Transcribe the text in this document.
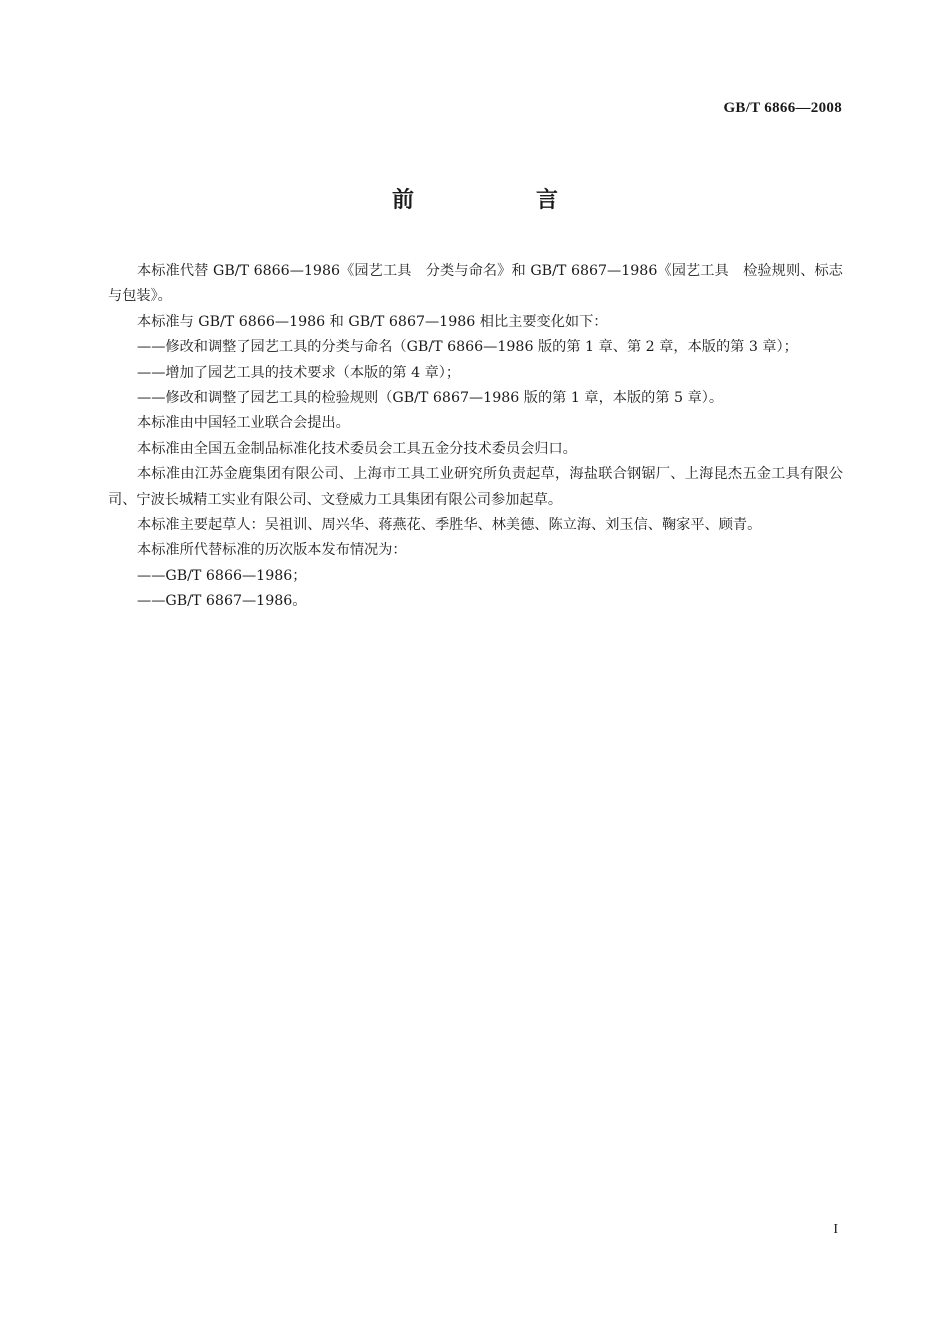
GB/T 6866—2008
前　言

本标准代替 GB/T 6866—1986《园艺工具　分类与命名》和 GB/T 6867—1986《园艺工具　检验规则、标志与包装》。

本标准与 GB/T 6866—1986 和 GB/T 6867—1986 相比主要变化如下：

——修改和调整了园艺工具的分类与命名（GB/T 6866—1986 版的第 1 章、第 2 章，本版的第 3 章）；

——增加了园艺工具的技术要求（本版的第 4 章）；

——修改和调整了园艺工具的检验规则（GB/T 6867—1986 版的第 1 章，本版的第 5 章）。

本标准由中国轻工业联合会提出。

本标准由全国五金制品标准化技术委员会工具五金分技术委员会归口。

本标准由江苏金鹿集团有限公司、上海市工具工业研究所负责起草，海盐联合钢锯厂、上海昆杰五金工具有限公司、宁波长城精工实业有限公司、文登威力工具集团有限公司参加起草。

本标准主要起草人：吴祖训、周兴华、蒋燕花、季胜华、林美德、陈立海、刘玉信、鞠家平、顾青。

本标准所代替标准的历次版本发布情况为：

——GB/T 6866—1986；

——GB/T 6867—1986。

I
